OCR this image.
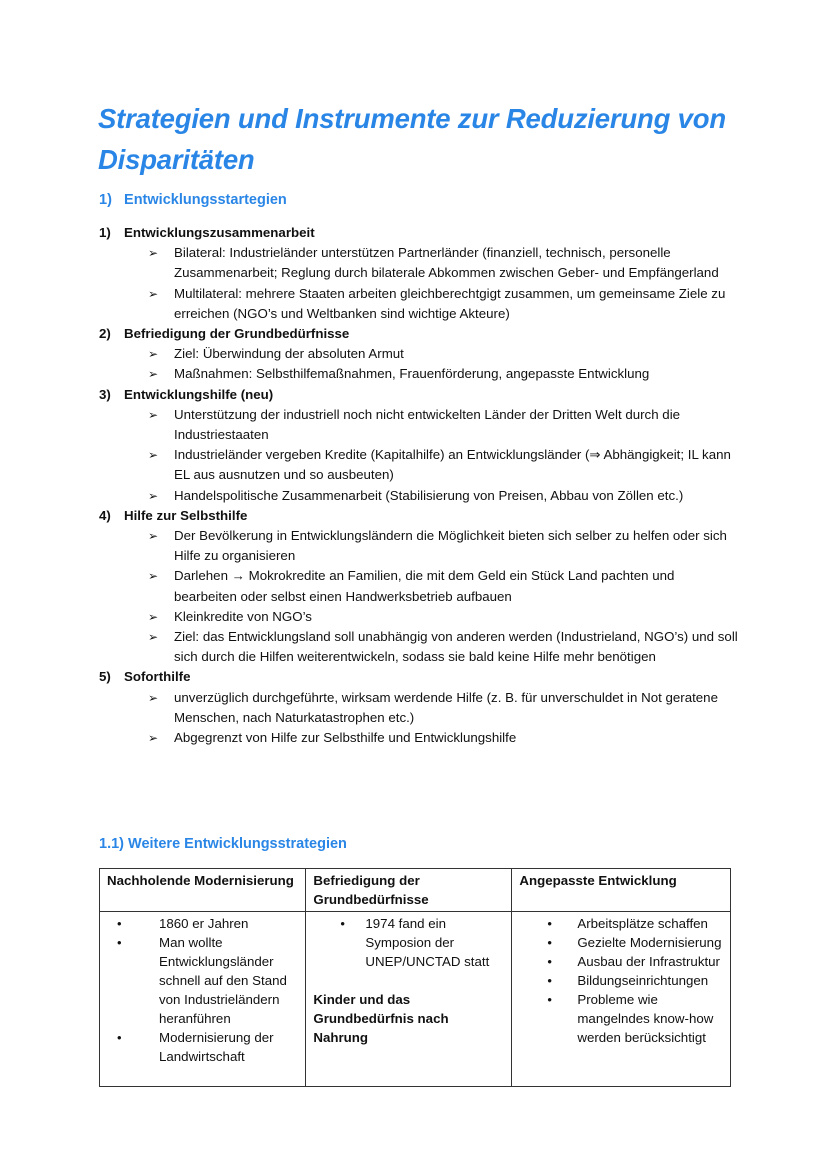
Strategien und Instrumente zur Reduzierung von Disparitäten
1) Entwicklungsstartegien
1) Entwicklungszusammenarbeit
➢	Bilateral: Industrieländer unterstützen Partnerländer (finanziell, technisch, personelle Zusammenarbeit; Reglung durch bilaterale Abkommen zwischen Geber- und Empfängerland
➢	Multilateral: mehrere Staaten arbeiten gleichberechtgigt zusammen, um gemeinsame Ziele zu erreichen (NGO’s und Weltbanken sind wichtige Akteure)
2) Befriedigung der Grundbedürfnisse
➢	Ziel: Überwindung der absoluten Armut
➢	Maßnahmen: Selbsthilfemaßnahmen, Frauenförderung, angepasste Entwicklung
3) Entwicklungshilfe (neu)
➢	Unterstützung der industriell noch nicht entwickelten Länder der Dritten Welt durch die Industriestaaten
➢	Industrieländer vergeben Kredite (Kapitalhilfe) an Entwicklungsländer (⇒ Abhängigkeit; IL kann EL aus ausnutzen und so ausbeuten)
➢	Handelspolitische Zusammenarbeit (Stabilisierung von Preisen, Abbau von Zöllen etc.)
4) Hilfe zur Selbsthilfe
➢	Der Bevölkerung in Entwicklungsländern die Möglichkeit bieten sich selber zu helfen oder sich Hilfe zu organisieren
➢	Darlehen → Mokrokredite an Familien, die mit dem Geld ein Stück Land pachten und bearbeiten oder selbst einen Handwerksbetrieb aufbauen
➢	Kleinkredite von NGO’s
➢	Ziel: das Entwicklungsland soll unabhängig von anderen werden (Industrieland, NGO’s) und soll sich durch die Hilfen weiterentwickeln, sodass sie bald keine Hilfe mehr benötigen
5) Soforthilfe
➢	unverzüglich durchgeführte, wirksam werdende Hilfe (z. B. für unverschuldet in Not geratene Menschen, nach Naturkatastrophen etc.)
➢	Abgegrenzt von Hilfe zur Selbsthilfe und Entwicklungshilfe
1.1) Weitere Entwicklungsstrategien
Nachholende Modernisierung	Befriedigung der Grundbedürfnisse	Angepasste Entwicklung

•	1860 er Jahren
•	Man wollte Entwicklungsländer schnell auf den Stand von Industrieländern heranführen
•	Modernisierung der Landwirtschaft

•	1974 fand ein Symposion der UNEP/UNCTAD statt
Kinder und das Grundbedürfnis nach Nahrung

•	Arbeitsplätze schaffen
•	Gezielte Modernisierung
•	Ausbau der Infrastruktur
•	Bildungseinrichtungen
•	Probleme wie mangelndes know-how werden berücksichtigt
